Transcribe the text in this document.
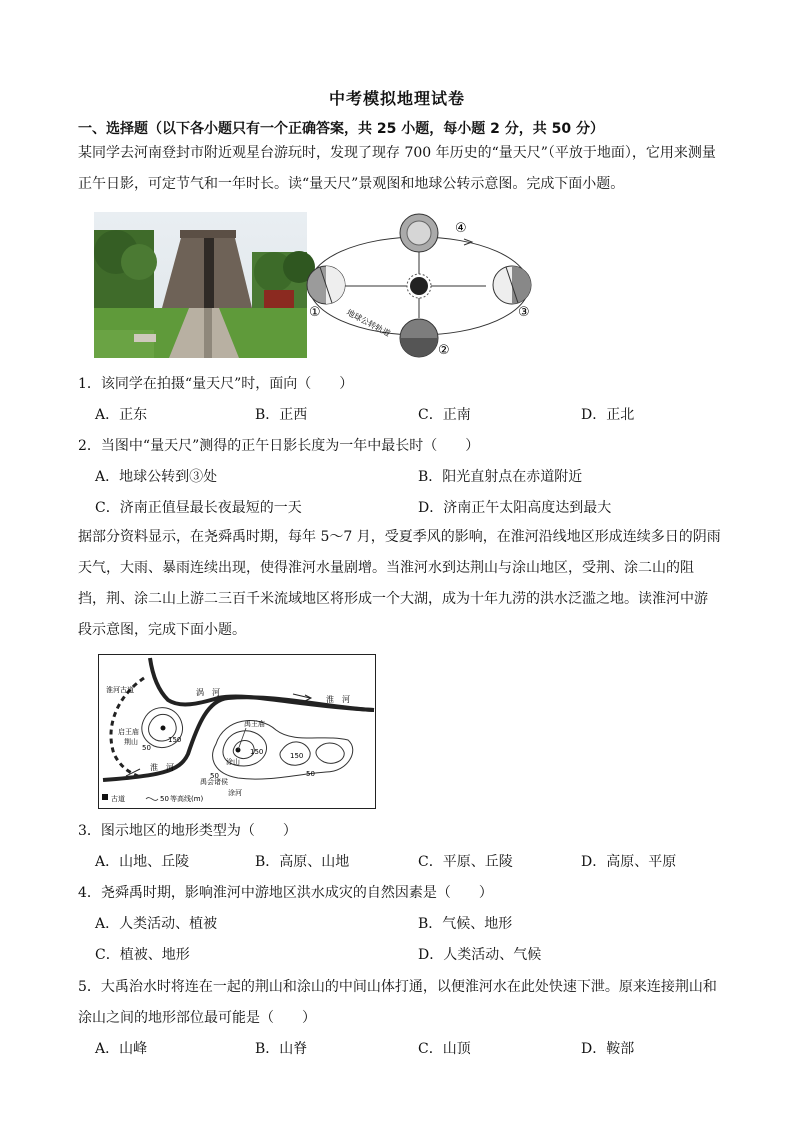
中考模拟地理试卷
一、选择题（以下各小题只有一个正确答案，共 25 小题，每小题 2 分，共 50 分）
某同学去河南登封市附近观星台游玩时，发现了现存 700 年历史的“量天尺”（平放于地面），它用来测量
正午日影，可定节气和一年时长。读“量天尺”景观图和地球公转示意图。完成下面小题。
④
①	③
②
地球公转轨道
1．该同学在拍摄“量天尺”时，面向（　　）
A．正东	B．正西	C．正南	D．正北
2．当图中“量天尺”测得的正午日影长度为一年中最长时（　　）
A．地球公转到③处	B．阳光直射点在赤道附近
C．济南正值昼最长夜最短的一天	D．济南正午太阳高度达到最大
据部分资料显示，在尧舜禹时期，每年 5～7 月，受夏季风的影响，在淮河沿线地区形成连续多日的阴雨
天气，大雨、暴雨连续出现，使得淮河水量剧增。当淮河水到达荆山与涂山地区，受荆、涂二山的阻
挡，荆、涂二山上游二三百千米流域地区将形成一个大湖，成为十年九涝的洪水泛滥之地。读淮河中游
段示意图，完成下面小题。
涡　河
淮　河
淮　河
淮河古道
启王庙
荆山
禹王庙
涂山
禹会诸侯
涂河
150
150	150
50
50	50
古道	50 等高线(m)
3．图示地区的地形类型为（　　）
A．山地、丘陵	B．高原、山地	C．平原、丘陵	D．高原、平原
4．尧舜禹时期，影响淮河中游地区洪水成灾的自然因素是（　　）
A．人类活动、植被	B．气候、地形
C．植被、地形	D．人类活动、气候
5．大禹治水时将连在一起的荆山和涂山的中间山体打通，以便淮河水在此处快速下泄。原来连接荆山和
涂山之间的地形部位最可能是（　　）
A．山峰	B．山脊	C．山顶	D．鞍部
